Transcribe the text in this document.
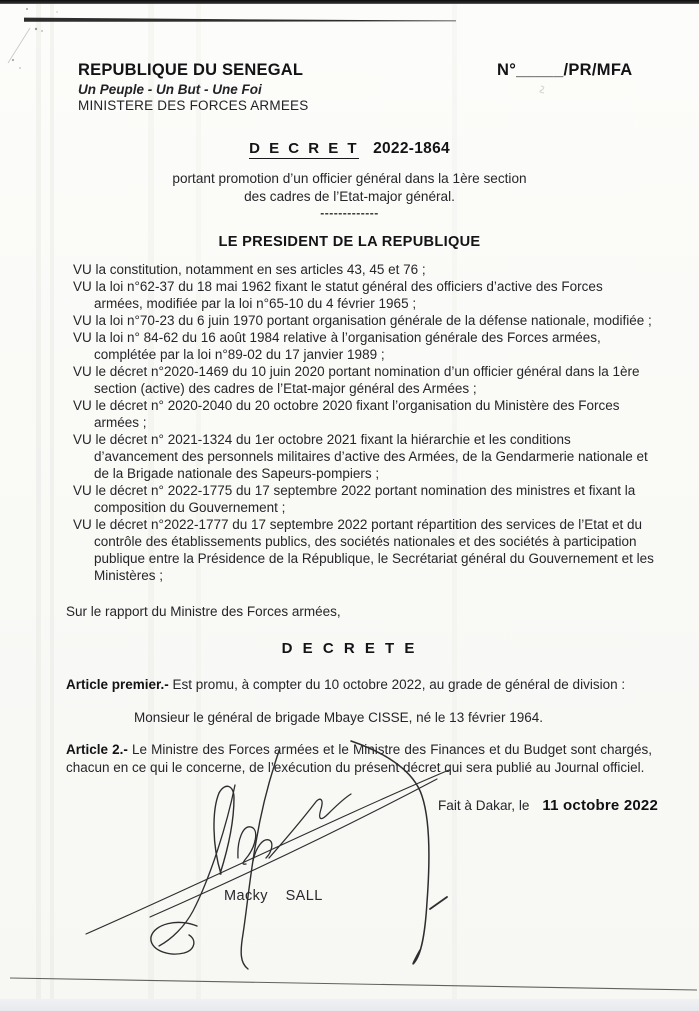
REPUBLIQUE DU SENEGAL
Un Peuple - Un But - Une Foi
MINISTERE DES FORCES ARMEES
N°_____/PR/MFA
D E C R E T 2022-1864
portant promotion d’un officier général dans la 1ère section
des cadres de l’Etat-major général.
-------------
LE PRESIDENT DE LA REPUBLIQUE
VU la constitution, notamment en ses articles 43, 45 et 76 ;
VU la loi n°62-37 du 18 mai 1962 fixant le statut général des officiers d’active des Forces armées, modifiée par la loi n°65-10 du 4 février 1965 ;
VU la loi n°70-23 du 6 juin 1970 portant organisation générale de la défense nationale, modifiée ;
VU la loi n° 84-62 du 16 août 1984 relative à l’organisation générale des Forces armées, complétée par la loi n°89-02 du 17 janvier 1989 ;
VU le décret n°2020-1469 du 10 juin 2020 portant nomination d’un officier général dans la 1ère section (active) des cadres de l’Etat-major général des Armées ;
VU le décret n° 2020-2040 du 20 octobre 2020 fixant l’organisation du Ministère des Forces armées ;
VU le décret n° 2021-1324 du 1er octobre 2021 fixant la hiérarchie et les conditions d’avancement des personnels militaires d’active des Armées, de la Gendarmerie nationale et de la Brigade nationale des Sapeurs-pompiers ;
VU le décret n° 2022-1775 du 17 septembre 2022 portant nomination des ministres et fixant la composition du Gouvernement ;
VU le décret n°2022-1777 du 17 septembre 2022 portant répartition des services de l’Etat et du contrôle des établissements publics, des sociétés nationales et des sociétés à participation publique entre la Présidence de la République, le Secrétariat général du Gouvernement et les Ministères ;
Sur le rapport du Ministre des Forces armées,
D E C R E T E
Article premier.- Est promu, à compter du 10 octobre 2022, au grade de général de division :
Monsieur le général de brigade Mbaye CISSE, né le 13 février 1964.
Article 2.- Le Ministre des Forces armées et le Ministre des Finances et du Budget sont chargés, chacun en ce qui le concerne, de l’exécution du présent décret qui sera publié au Journal officiel.
Fait à Dakar, le 11 octobre 2022
Macky    SALL
